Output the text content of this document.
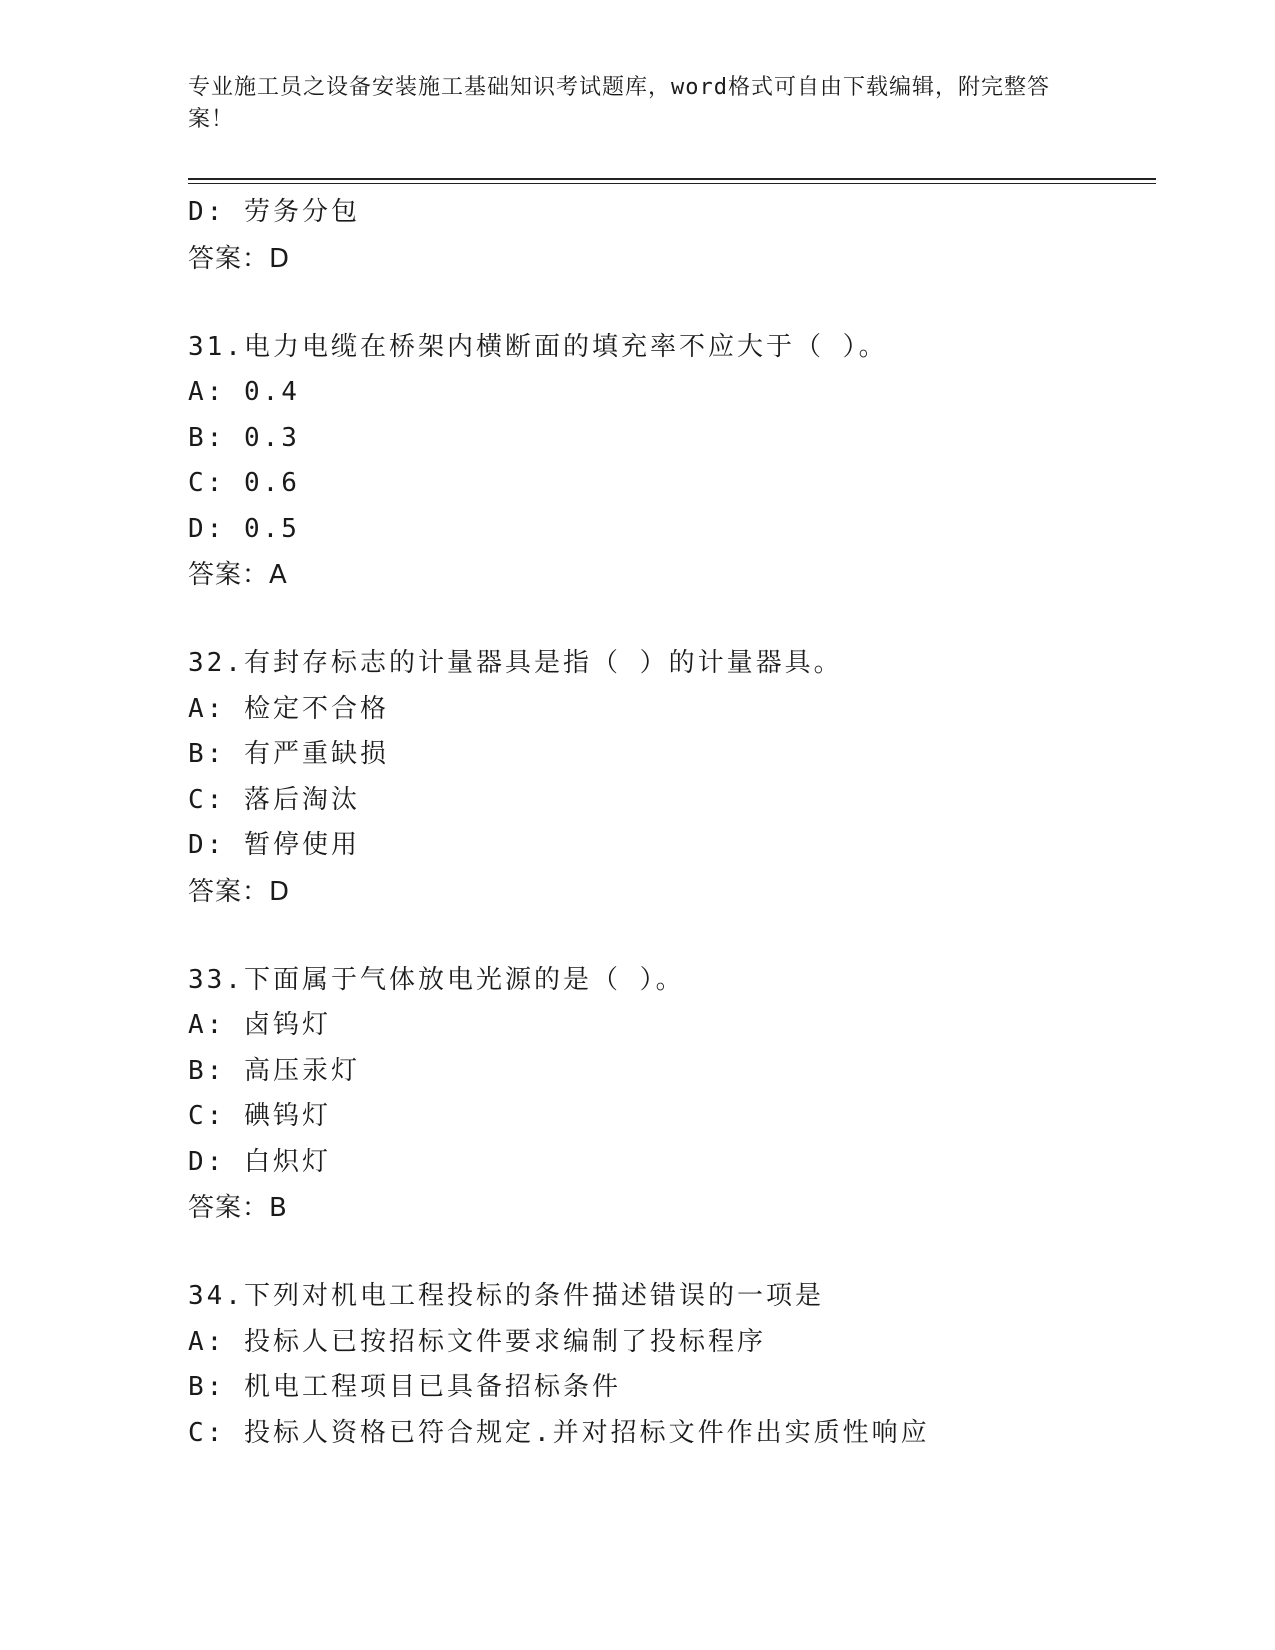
专业施工员之设备安装施工基础知识考试题库，word格式可自由下载编辑，附完整答案！
D: 劳务分包
答案：D
31.电力电缆在桥架内横断面的填充率不应大于（ ）。
A: 0.4
B: 0.3
C: 0.6
D: 0.5
答案：A
32.有封存标志的计量器具是指（ ）的计量器具。
A: 检定不合格
B: 有严重缺损
C: 落后淘汰
D: 暂停使用
答案：D
33.下面属于气体放电光源的是（ ）。
A: 卤钨灯
B: 高压汞灯
C: 碘钨灯
D: 白炽灯
答案：B
34.下列对机电工程投标的条件描述错误的一项是
A: 投标人已按招标文件要求编制了投标程序
B: 机电工程项目已具备招标条件
C: 投标人资格已符合规定.并对招标文件作出实质性响应
